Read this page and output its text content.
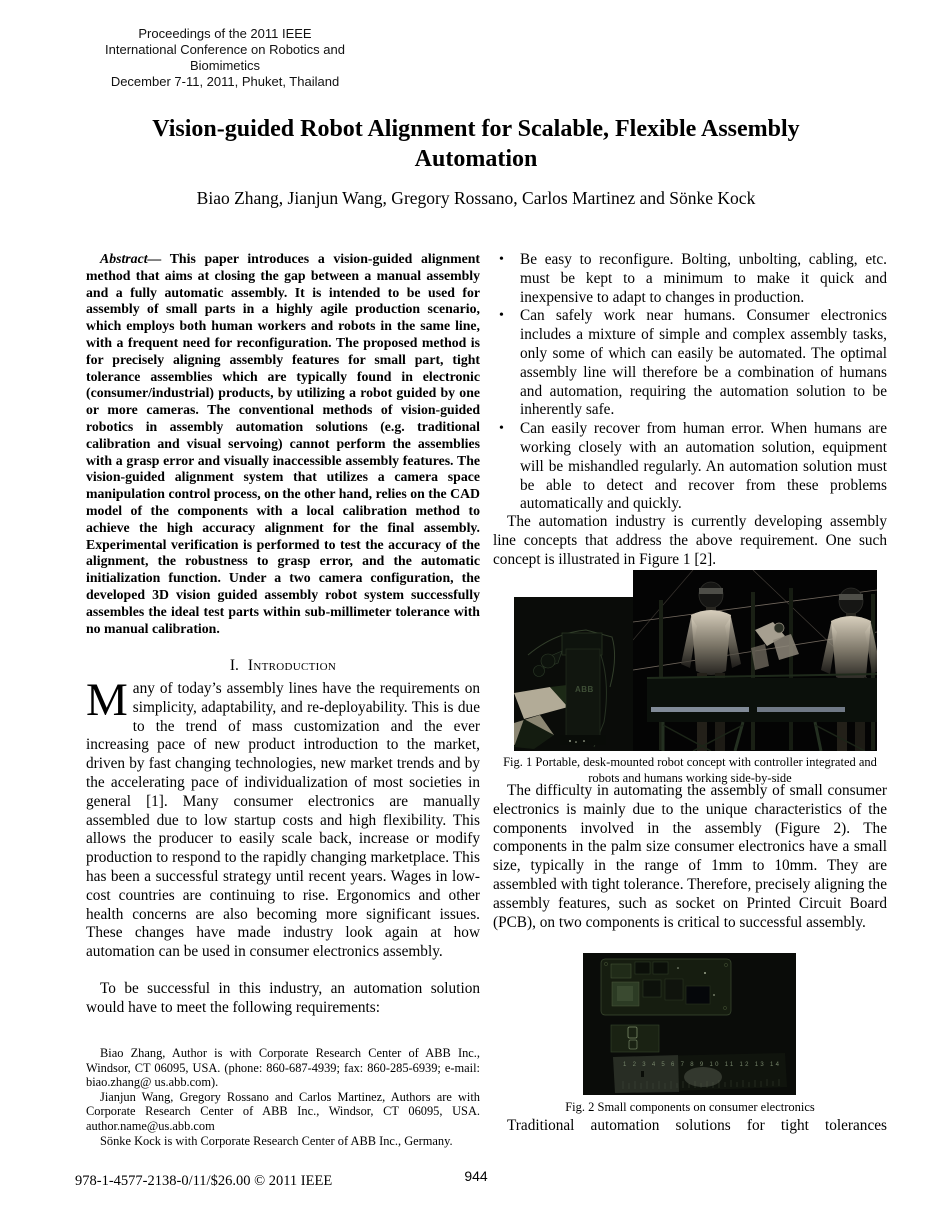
Proceedings of the 2011 IEEE
International Conference on Robotics and Biomimetics
December 7-11, 2011, Phuket, Thailand
Vision-guided Robot Alignment for Scalable, Flexible Assembly Automation
Biao Zhang, Jianjun Wang, Gregory Rossano, Carlos Martinez and Sönke Kock

Abstract— This paper introduces a vision-guided alignment method that aims at closing the gap between a manual assembly and a fully automatic assembly. It is intended to be used for assembly of small parts in a highly agile production scenario, which employs both human workers and robots in the same line, with a frequent need for reconfiguration. The proposed method is for precisely aligning assembly features for small part, tight tolerance assemblies which are typically found in electronic (consumer/industrial) products, by utilizing a robot guided by one or more cameras. The conventional methods of vision-guided robotics in assembly automation solutions (e.g. traditional calibration and visual servoing) cannot perform the assemblies with a grasp error and visually inaccessible assembly features. The vision-guided alignment system that utilizes a camera space manipulation control process, on the other hand, relies on the CAD model of the components with a local calibration method to achieve the high accuracy alignment for the final assembly. Experimental verification is performed to test the accuracy of the alignment, the robustness to grasp error, and the automatic initialization function. Under a two camera configuration, the developed 3D vision guided assembly robot system successfully assembles the ideal test parts within sub-millimeter tolerance with no manual calibration.

I. Introduction

Many of today’s assembly lines have the requirements on simplicity, adaptability, and re-deployability. This is due to the trend of mass customization and the ever increasing pace of new product introduction to the market, driven by fast changing technologies, new market trends and by the accelerating pace of individualization of most societies in general [1]. Many consumer electronics are manually assembled due to low startup costs and high flexibility. This allows the producer to easily scale back, increase or modify production to respond to the rapidly changing marketplace. This has been a successful strategy until recent years. Wages in low-cost countries are continuing to rise. Ergonomics and other health concerns are also becoming more significant issues. These changes have made industry look again at how automation can be used in consumer electronics assembly.

To be successful in this industry, an automation solution would have to meet the following requirements:

Biao Zhang, Author is with Corporate Research Center of ABB Inc., Windsor, CT 06095, USA. (phone: 860-687-4939; fax: 860-285-6939; e-mail: biao.zhang@ us.abb.com).

Jianjun Wang, Gregory Rossano and Carlos Martinez, Authors are with Corporate Research Center of ABB Inc., Windsor, CT 06095, USA. author.name@us.abb.com

Sönke Kock is with Corporate Research Center of ABB Inc., Germany.

• Be easy to reconfigure. Bolting, unbolting, cabling, etc. must be kept to a minimum to make it quick and inexpensive to adapt to changes in production.
• Can safely work near humans. Consumer electronics includes a mixture of simple and complex assembly tasks, only some of which can easily be automated. The optimal assembly line will therefore be a combination of humans and automation, requiring the automation solution to be inherently safe.
• Can easily recover from human error. When humans are working closely with an automation solution, equipment will be mishandled regularly. An automation solution must be able to detect and recover from these problems automatically and quickly.

The automation industry is currently developing assembly line concepts that address the above requirement. One such concept is illustrated in Figure 1 [2].

ABB
Fig. 1 Portable, desk-mounted robot concept with controller integrated and robots and humans working side-by-side

The difficulty in automating the assembly of small consumer electronics is mainly due to the unique characteristics of the components involved in the assembly (Figure 2). The components in the palm size consumer electronics have a small size, typically in the range of 1mm to 10mm. They are assembled with tight tolerance. Therefore, precisely aligning the assembly features, such as socket on Printed Circuit Board (PCB), on two components is critical to successful assembly.

1 2 3 4 5 6 7 8 9 10 11 12 13 14
Fig. 2 Small components on consumer electronics

Traditional automation solutions for tight tolerances

978-1-4577-2138-0/11/$26.00 © 2011 IEEE	944
